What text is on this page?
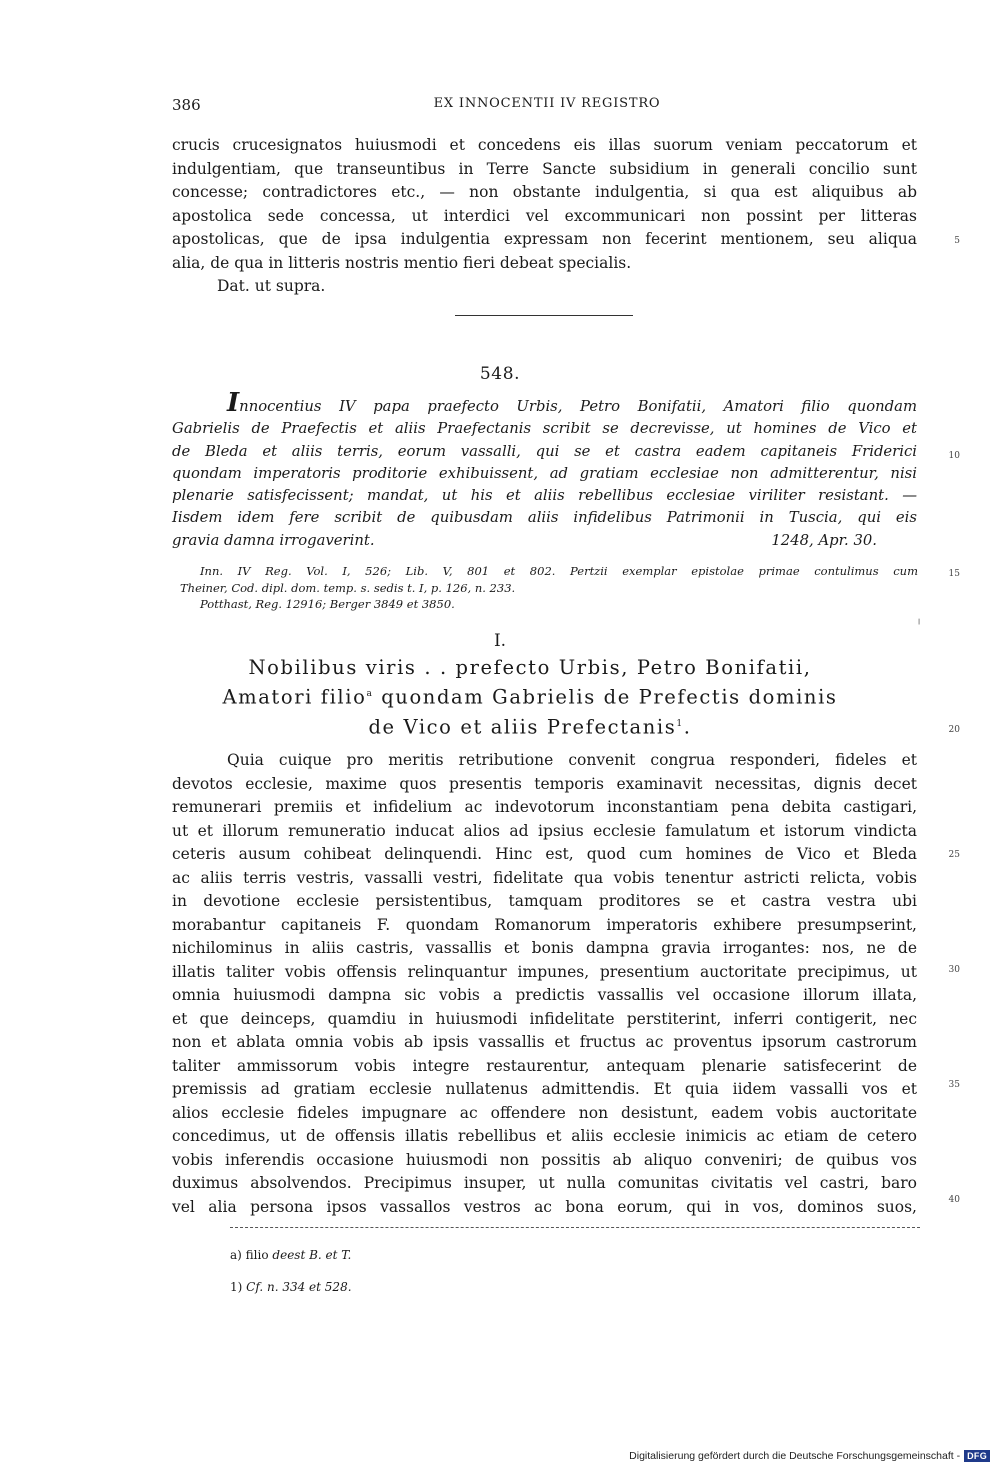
386	EX INNOCENTII IV REGISTRO
crucis crucesignatos huiusmodi et concedens eis illas suorum veniam peccatorum et
indulgentiam, que transeuntibus in Terre Sancte subsidium in generali concilio sunt
concesse; contradictores etc., — non obstante indulgentia, si qua est aliquibus ab
apostolica sede concessa, ut interdici vel excommunicari non possint per litteras
apostolicas, que de ipsa indulgentia expressam non fecerint mentionem, seu aliqua
alia, de qua in litteris nostris mentio fieri debeat specialis.
Dat. ut supra.
548.
Innocentius IV papa praefecto Urbis, Petro Bonifatii, Amatori filio quondam
Gabrielis de Praefectis et aliis Praefectanis scribit se decrevisse, ut homines de Vico et
de Bleda et aliis terris, eorum vassalli, qui se et castra eadem capitaneis Friderici
quondam imperatoris proditorie exhibuissent, ad gratiam ecclesiae non admitterentur, nisi
plenarie satisfecissent; mandat, ut his et aliis rebellibus ecclesiae viriliter resistant. —
Iisdem idem fere scribit de quibusdam aliis infidelibus Patrimonii in Tuscia, qui eis
gravia damna irrogaverint.	1248, Apr. 30.
Inn. IV Reg. Vol. I, 526; Lib. V, 801 et 802. Pertzii exemplar epistolae primae contulimus cum
Theiner, Cod. dipl. dom. temp. s. sedis t. I, p. 126, n. 233.
Potthast, Reg. 12916; Berger 3849 et 3850.
╷
I.
Nobilibus viris . . prefecto Urbis, Petro Bonifatii,
Amatori filio$^a$ quondam Gabrielis de Prefectis dominis
de Vico et aliis Prefectanis$^1$.
Quia cuique pro meritis retributione convenit congrua responderi, fideles et
devotos ecclesie, maxime quos presentis temporis examinavit necessitas, dignis decet
remunerari premiis et infidelium ac indevotorum inconstantiam pena debita castigari,
ut et illorum remuneratio inducat alios ad ipsius ecclesie famulatum et istorum vindicta
ceteris ausum cohibeat delinquendi. Hinc est, quod cum homines de Vico et Bleda
ac aliis terris vestris, vassalli vestri, fidelitate qua vobis tenentur astricti relicta, vobis
in devotione ecclesie persistentibus, tamquam proditores se et castra vestra ubi
morabantur capitaneis F. quondam Romanorum imperatoris exhibere presumpserint,
nichilominus in aliis castris, vassallis et bonis dampna gravia irrogantes: nos, ne de
illatis taliter vobis offensis relinquantur impunes, presentium auctoritate precipimus, ut
omnia huiusmodi dampna sic vobis a predictis vassallis vel occasione illorum illata,
et que deinceps, quamdiu in huiusmodi infidelitate perstiterint, inferri contigerit, nec
non et ablata omnia vobis ab ipsis vassallis et fructus ac proventus ipsorum castrorum
taliter ammissorum vobis integre restaurentur, antequam plenarie satisfecerint de
premissis ad gratiam ecclesie nullatenus admittendis. Et quia iidem vassalli vos et
alios ecclesie fideles impugnare ac offendere non desistunt, eadem vobis auctoritate
concedimus, ut de offensis illatis rebellibus et aliis ecclesie inimicis ac etiam de cetero
vobis inferendis occasione huiusmodi non possitis ab aliquo conveniri; de quibus vos
duximus absolvendos. Precipimus insuper, ut nulla comunitas civitatis vel castri, baro
vel alia persona ipsos vassallos vestros ac bona eorum, qui in vos, dominos suos,
5
10
15
20
25
30
35
40
a) filio deest B. et T.
1) Cf. n. 334 et 528.
Digitalisierung gefördert durch die Deutsche Forschungsgemeinschaft - DFG
